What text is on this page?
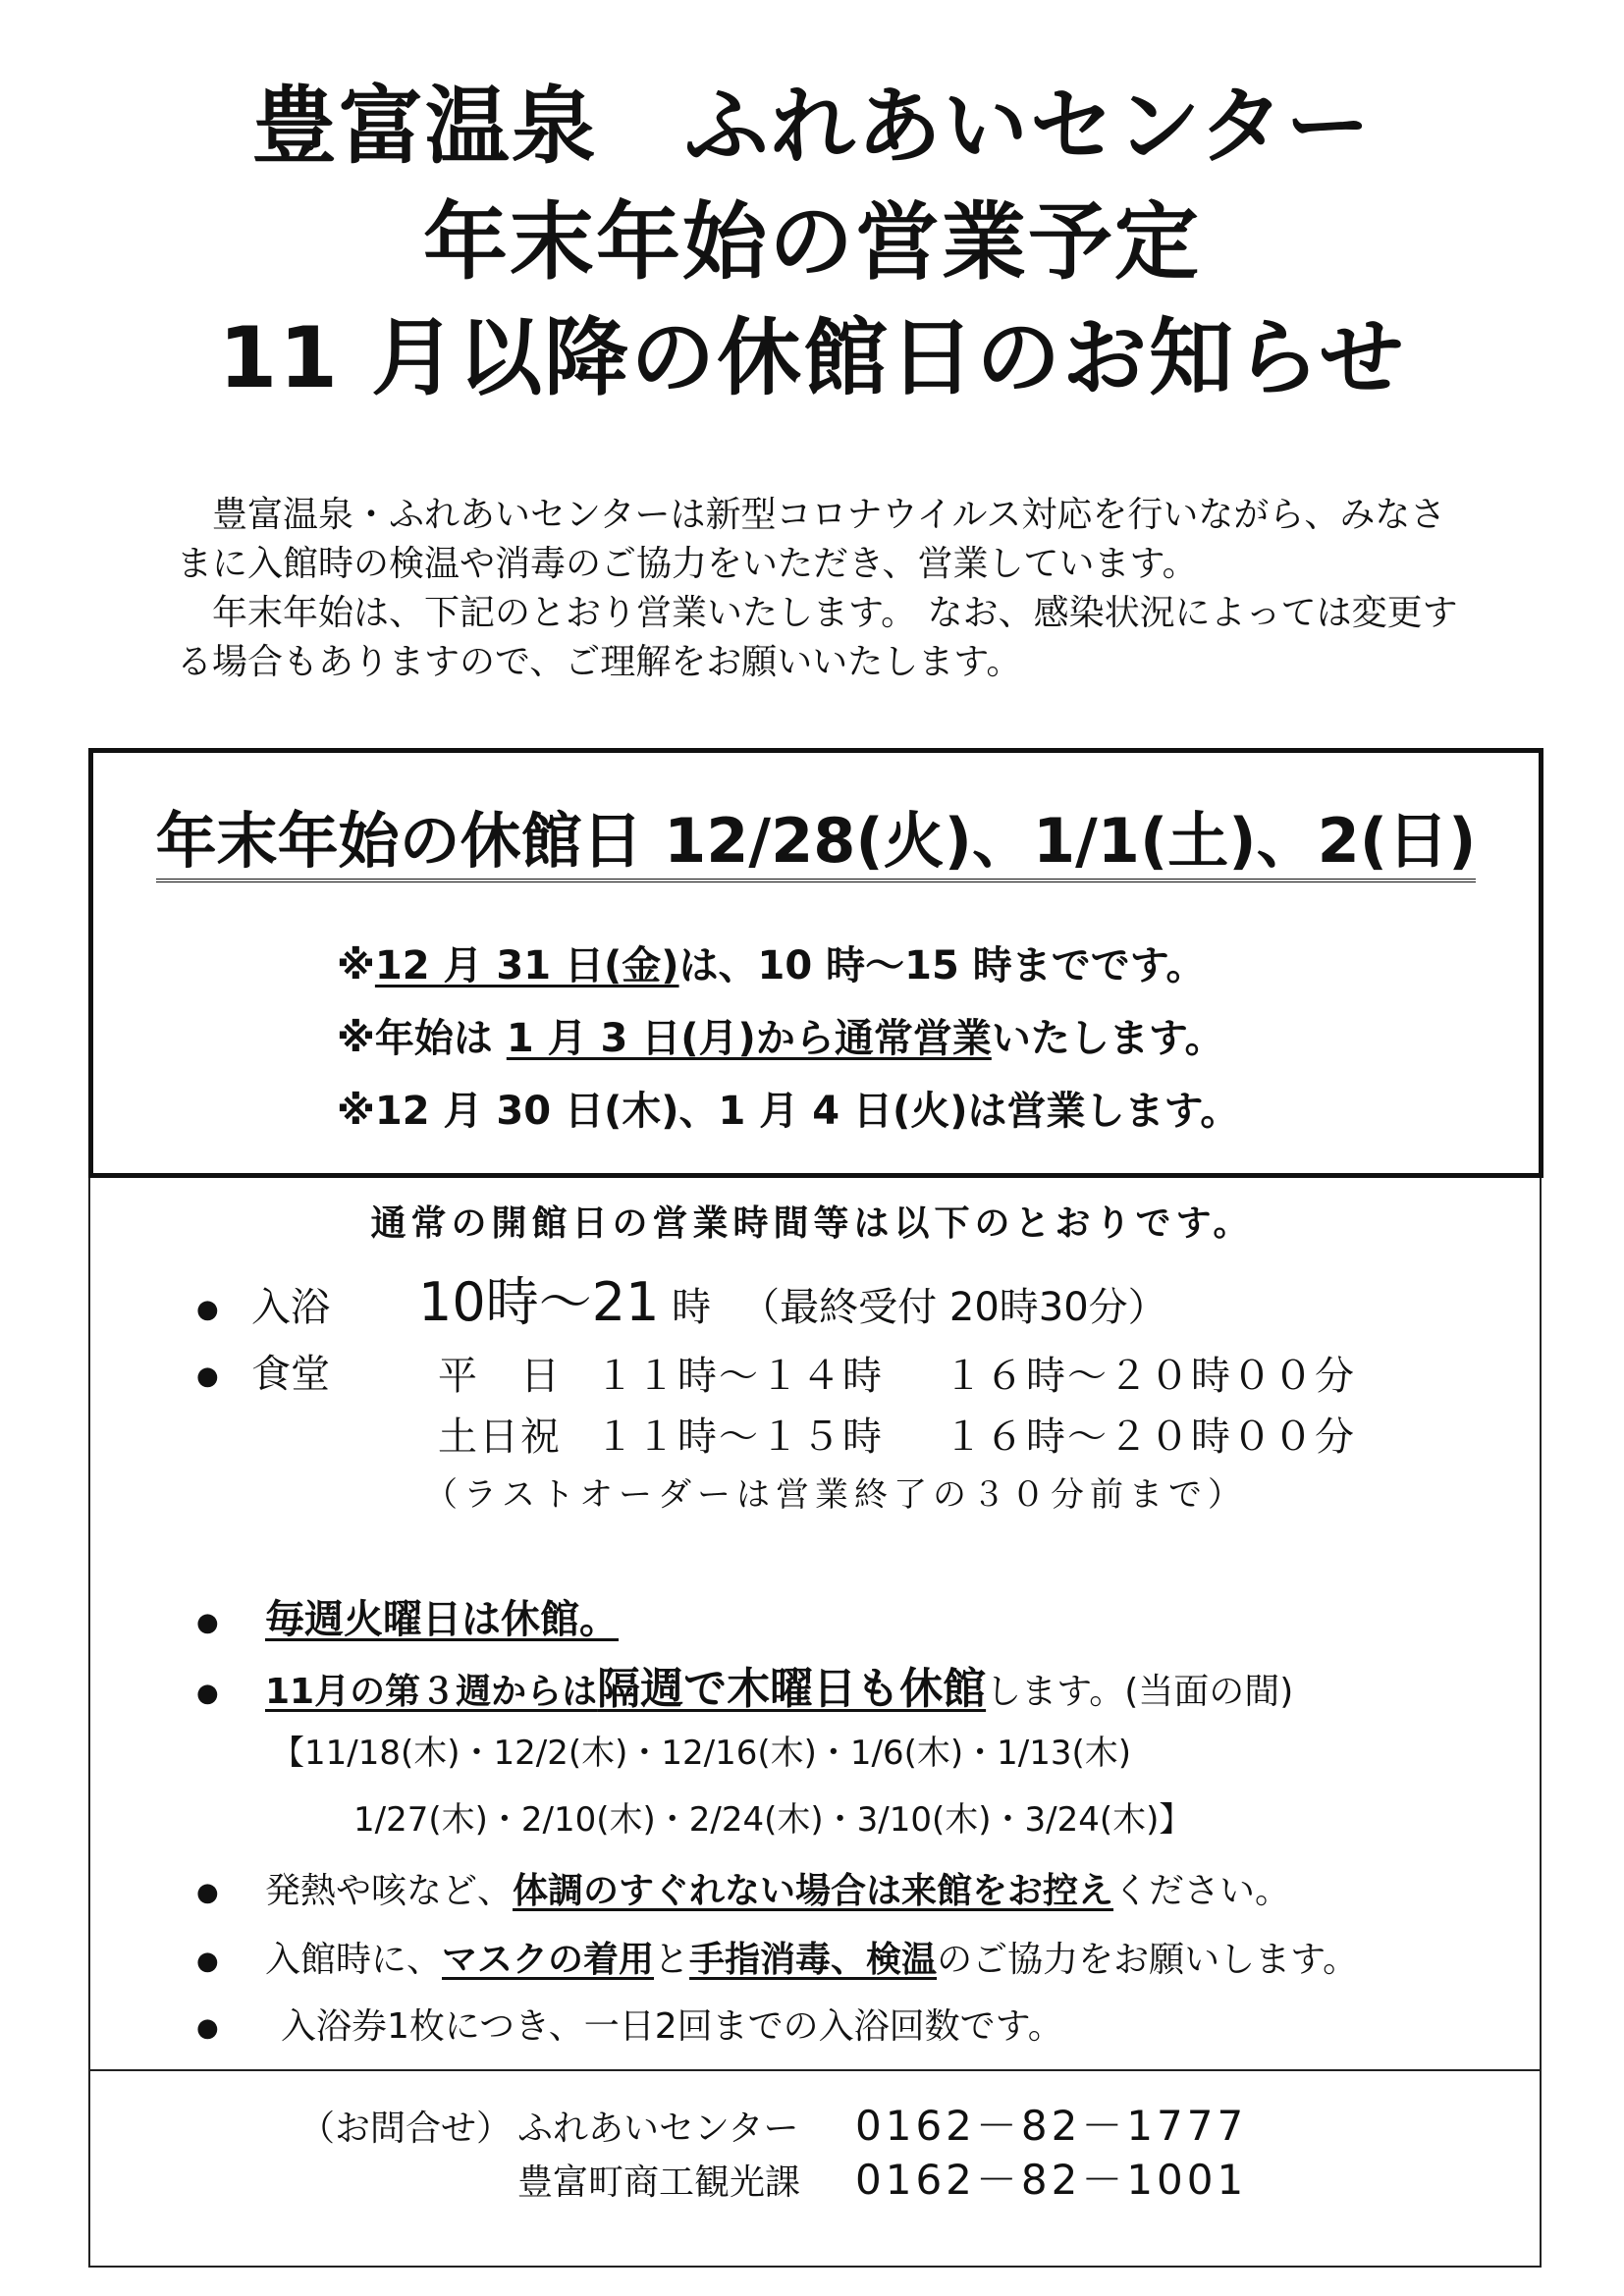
豊富温泉　ふれあいセンター
年末年始の営業予定
11 月以降の休館日のお知らせ

豊富温泉・ふれあいセンターは新型コロナウイルス対応を行いながら、みなさまに入館時の検温や消毒のご協力をいただき、営業しています。

年末年始は、下記のとおり営業いたします。 なお、感染状況によっては変更する場合もありますので、ご理解をお願いいたします。

年末年始の休館日 12/28(火)、1/1(土)、2(日)
※12 月 31 日(金)は、10 時～15 時までです。
※年始は 1 月 3 日(月)から通常営業いたします。
※12 月 30 日(木)、1 月 4 日(火)は営業します。
通常の開館日の営業時間等は以下のとおりです。
● 入浴 10時～21 時 （最終受付 20時30分）
● 食堂	平　日 １１時～１４時 １６時～２０時００分
土日祝 １１時～１５時 １６時～２０時００分
（ラストオーダーは営業終了の３０分前まで）
● 毎週火曜日は休館。
● 11月の第３週からは隔週で木曜日も休館します。(当面の間)
【11/18(木)・12/2(木)・12/16(木)・1/6(木)・1/13(木)
1/27(木)・2/10(木)・2/24(木)・3/10(木)・3/24(木)】
● 発熱や咳など、体調のすぐれない場合は来館をお控えください。
● 入館時に、マスクの着用と手指消毒、検温のご協力をお願いします。
● 入浴券1枚につき、一日2回までの入浴回数です。
（お問合せ） ふれあいセンター 0162－82－1777
豊富町商工観光課 0162－82－1001
